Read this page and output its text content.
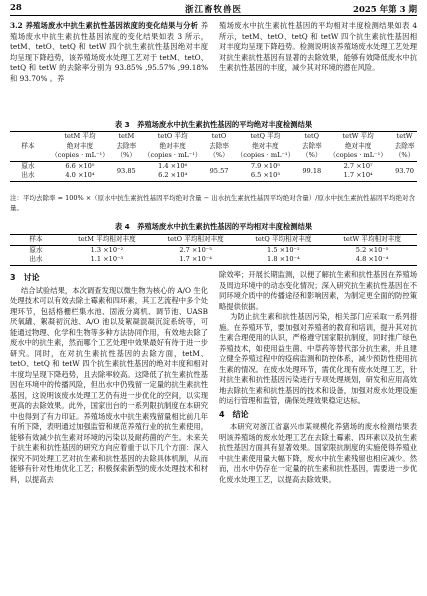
28	浙江畜牧兽医	2025 年第 3 期

3.2 养殖场废水中抗生素抗性基因浓度的变化结果与分析 养殖场废水中抗生素抗性基因浓度的变化结果如表 3 所示，tetM、tetO、tetQ 和 tetW 四个抗生素抗性基因绝对丰度均呈现下降趋势，该养殖场废水处理工艺对于 tetM、tetO、tetQ 和 tetW 的去除率分别为 93.85% ,95.57% ,99.18% 和 93.70% 。养

殖场废水中抗生素抗性基因的平均相对丰度检测结果如表 4 所示，tetM、tetO、tetQ 和 tetW 四个抗生素抗性基因相对丰度均呈现下降趋势。检测说明该养殖场废水处理工艺处理对抗生素抗性基因有显著的去除效果，能够有效降低废水中抗生素抗性基因的丰度，减少其对环境的潜在风险。

表 3　养殖场废水中抗生素抗性基因的平均绝对丰度检测结果
样本	tetM 平均	tetM	tetO 平均	tetO	tetQ 平均	tetQ	tetW 平均	tetW
	绝对丰度	去除率	绝对丰度	去除率	绝对丰度	去除率	绝对丰度	去除率
	（copies · mL⁻¹）	（%）	（copies · mL⁻¹）	（%）	（copies · mL⁻¹）	（%）	（copies · mL⁻¹）	（%）
原水	6.6 ×10⁵	93.85	1.4 ×10⁶	95.57	7.9 ×10⁵	99.18	2.7 ×10⁷	93.70
出水	4.0 ×10⁴		6.2 ×10⁴		6.5 ×10³		1.7 ×10⁴	
注：平均去除率 = 100% ×（原水中抗生素抗性基因平均绝对含量 − 出水抗生素抗性基因平均绝对含量）/原水中抗生素抗性基因平均绝对含量。
表 4　养殖场废水中抗生素抗性基因的平均相对丰度检测结果
样本	tetM 平均相对丰度	tetO 平均相对丰度	tetQ 平均相对丰度	tetW 平均相对丰度
原水	1.3 ×10⁻²	2.7 ×10⁻³	1.5 ×10⁻²	5.2 ×10⁻⁵
出水	1.1 ×10⁻³	1.7 ×10⁻⁴	1.8 ×10⁻⁴	4.8 ×10⁻⁴
3　讨论

结合试验结果，本次调查发现以微生物为核心的 A/O 生化处理技术可以有效去除土霉素和四环素，其工艺流程中多个处理环节，包括格栅栏集水池、固液分离机、调节池、UASB 厌氧罐、絮凝初沉池、A/O 池以及絮凝混凝沉淀系统等，可能通过物理、化学和生物等多种方法协同作用，有效地去除了废水中的抗生素，然而哪个工艺处理中效果最好有待于进一步研究。同时，在对抗生素抗性基因的去除方面，tetM、tetO、tetQ 和 tetW 四个抗生素抗性基因的绝对丰度和相对丰度均呈现下降趋势，且去除率较高。这降低了抗生素抗性基因在环境中的传播风险，但出水中仍残留一定量的抗生素抗性基因，这说明该废水处理工艺仍有进一步优化的空间，以实现更高的去除效果。此外，国家出台的一系列限抗制度在本研究中也得到了有力印证。养殖场废水中抗生素残留量相比前几年有所下降，表明通过加强监管和规范养殖行业的抗生素使用，能够有效减少抗生素对环境的污染以及耐药菌的产生。未来关于抗生素和抗性基因的研究方向应着重于以下几个方面：深入探究不同处理工艺对抗生素和抗性基因的去除具体机制，从而能够有针对性地优化工艺；积极探索新型的废水处理技术和材料，以提高去

除效率；开展长期监测，以便了解抗生素和抗性基因在养殖场及周边环境中的动态变化情况；深入研究抗生素抗性基因在不同环境介质中的传播途径和影响因素，为制定更全面的防控策略提供依据。

为防止抗生素和抗性基因污染，相关部门应采取一系列措施。在养殖环节，要加强对养殖者的教育和培训，提升其对抗生素合理使用的认识，严格遵守国家限抗制度，同时推广绿色养殖技术，如使用益生菌、中草药等替代部分抗生素，并且建立健全养殖过程中的疫病监测和防控体系，减少预防性使用抗生素的情况。在废水处理环节，需优化现有废水处理工艺，针对抗生素和抗性基因污染进行专项处理规划，研发和应用高效地去除抗生素和抗性基因的技术和设备，加强对废水处理设施的运行管理和监管，确保处理效果稳定达标。

4　结论

本研究对浙江省嘉兴市某规模化养猪场的废水检测结果表明该养殖场的废水处理工艺在去除土霉素、四环素以及抗生素抗性基因方面具有显著效果。国家限抗制度的实施使得养殖业中抗生素使用量大幅下降，废水中抗生素残留也相应减少。然而，出水中仍存在一定量的抗生素和抗性基因，需要进一步优化废水处理工艺，以提高去除效果。
